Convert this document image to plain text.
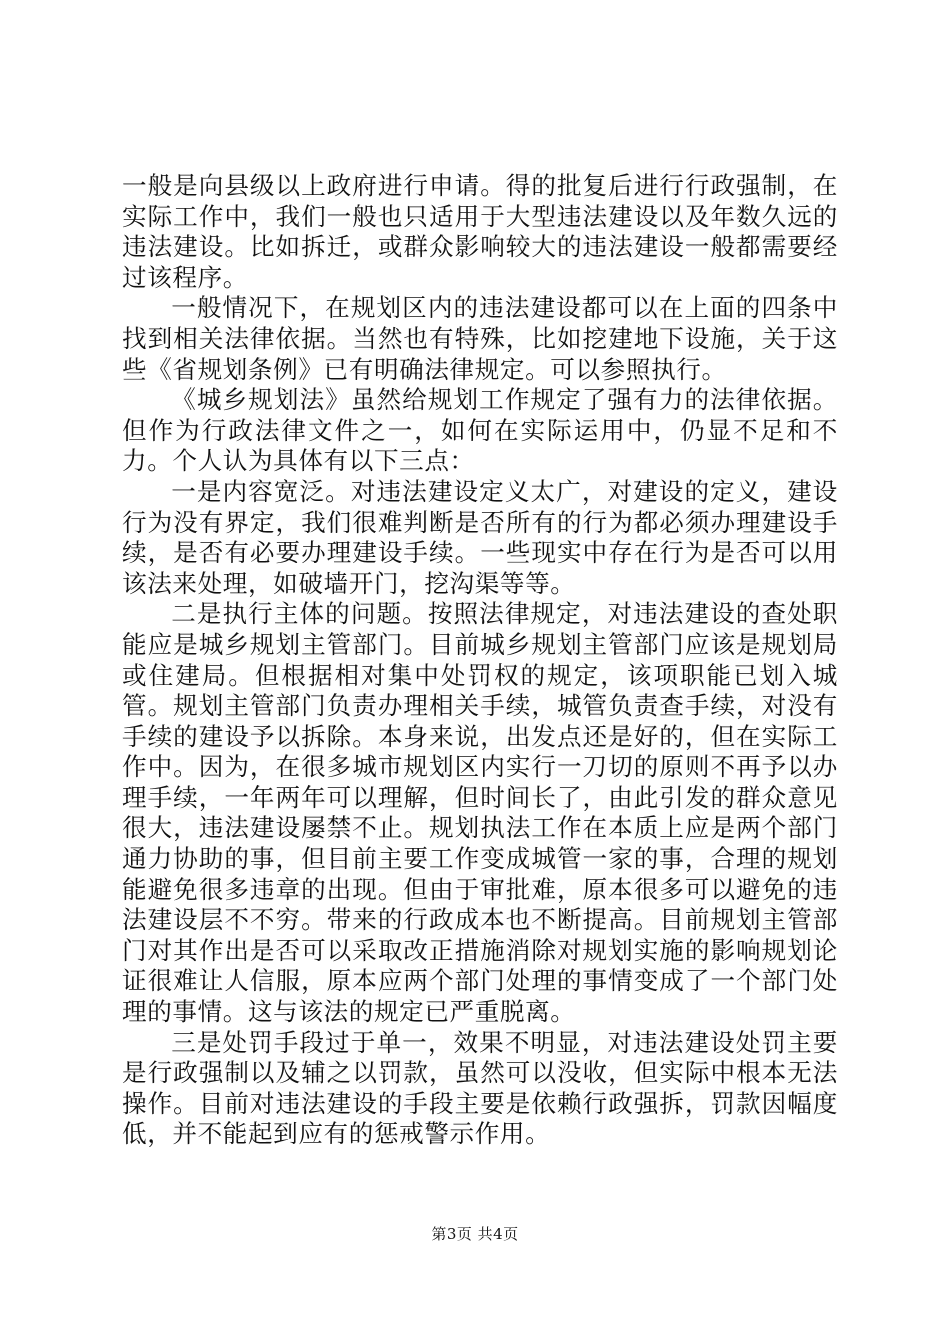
一般是向县级以上政府进行申请。得的批复后进行行政强制，在实际工作中，我们一般也只适用于大型违法建设以及年数久远的违法建设。比如拆迁，或群众影响较大的违法建设一般都需要经过该程序。

一般情况下，在规划区内的违法建设都可以在上面的四条中找到相关法律依据。当然也有特殊，比如挖建地下设施，关于这些《省规划条例》已有明确法律规定。可以参照执行。

《城乡规划法》虽然给规划工作规定了强有力的法律依据。但作为行政法律文件之一，如何在实际运用中，仍显不足和不力。个人认为具体有以下三点：

一是内容宽泛。对违法建设定义太广，对建设的定义，建设行为没有界定，我们很难判断是否所有的行为都必须办理建设手续，是否有必要办理建设手续。一些现实中存在行为是否可以用该法来处理，如破墙开门，挖沟渠等等。

二是执行主体的问题。按照法律规定，对违法建设的查处职能应是城乡规划主管部门。目前城乡规划主管部门应该是规划局或住建局。但根据相对集中处罚权的规定，该项职能已划入城管。规划主管部门负责办理相关手续，城管负责查手续，对没有手续的建设予以拆除。本身来说，出发点还是好的，但在实际工作中。因为，在很多城市规划区内实行一刀切的原则不再予以办理手续，一年两年可以理解，但时间长了，由此引发的群众意见很大，违法建设屡禁不止。规划执法工作在本质上应是两个部门通力协助的事，但目前主要工作变成城管一家的事，合理的规划能避免很多违章的出现。但由于审批难，原本很多可以避免的违法建设层不不穷。带来的行政成本也不断提高。目前规划主管部门对其作出是否可以采取改正措施消除对规划实施的影响规划论证很难让人信服，原本应两个部门处理的事情变成了一个部门处理的事情。这与该法的规定已严重脱离。

三是处罚手段过于单一，效果不明显，对违法建设处罚主要是行政强制以及辅之以罚款，虽然可以没收，但实际中根本无法操作。目前对违法建设的手段主要是依赖行政强拆，罚款因幅度低，并不能起到应有的惩戒警示作用。

第3页 共4页
